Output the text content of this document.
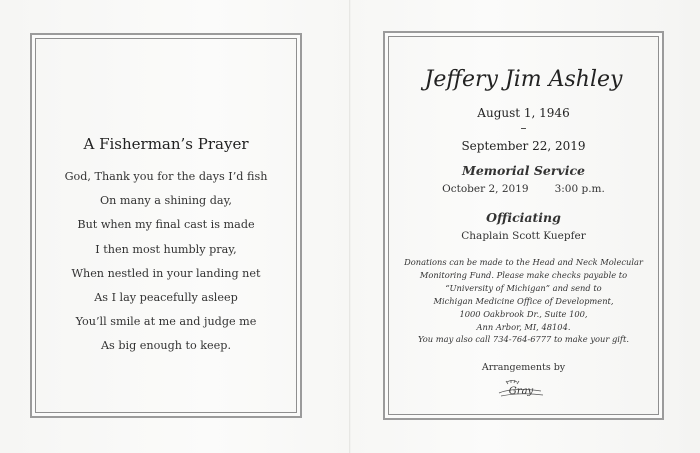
A Fisherman’s Prayer
God, Thank you for the days I’d fish
On many a shining day,
But when my final cast is made
I then most humbly pray,
When nestled in your landing net
As I lay peacefully asleep
You’ll smile at me and judge me
As big enough to keep.
Jeffery Jim Ashley
August 1, 1946
–
September 22, 2019
Memorial Service
October 2, 2019 3:00 p.m.
Officiating
Chaplain Scott Kuepfer
Donations can be made to the Head and Neck Molecular
Monitoring Fund. Please make checks payable to
“University of Michigan” and send to
Michigan Medicine Office of Development,
1000 Oakbrook Dr., Suite 100,
Ann Arbor, MI, 48104.
You may also call 734-764-6777 to make your gift.
Arrangements by
Gray
